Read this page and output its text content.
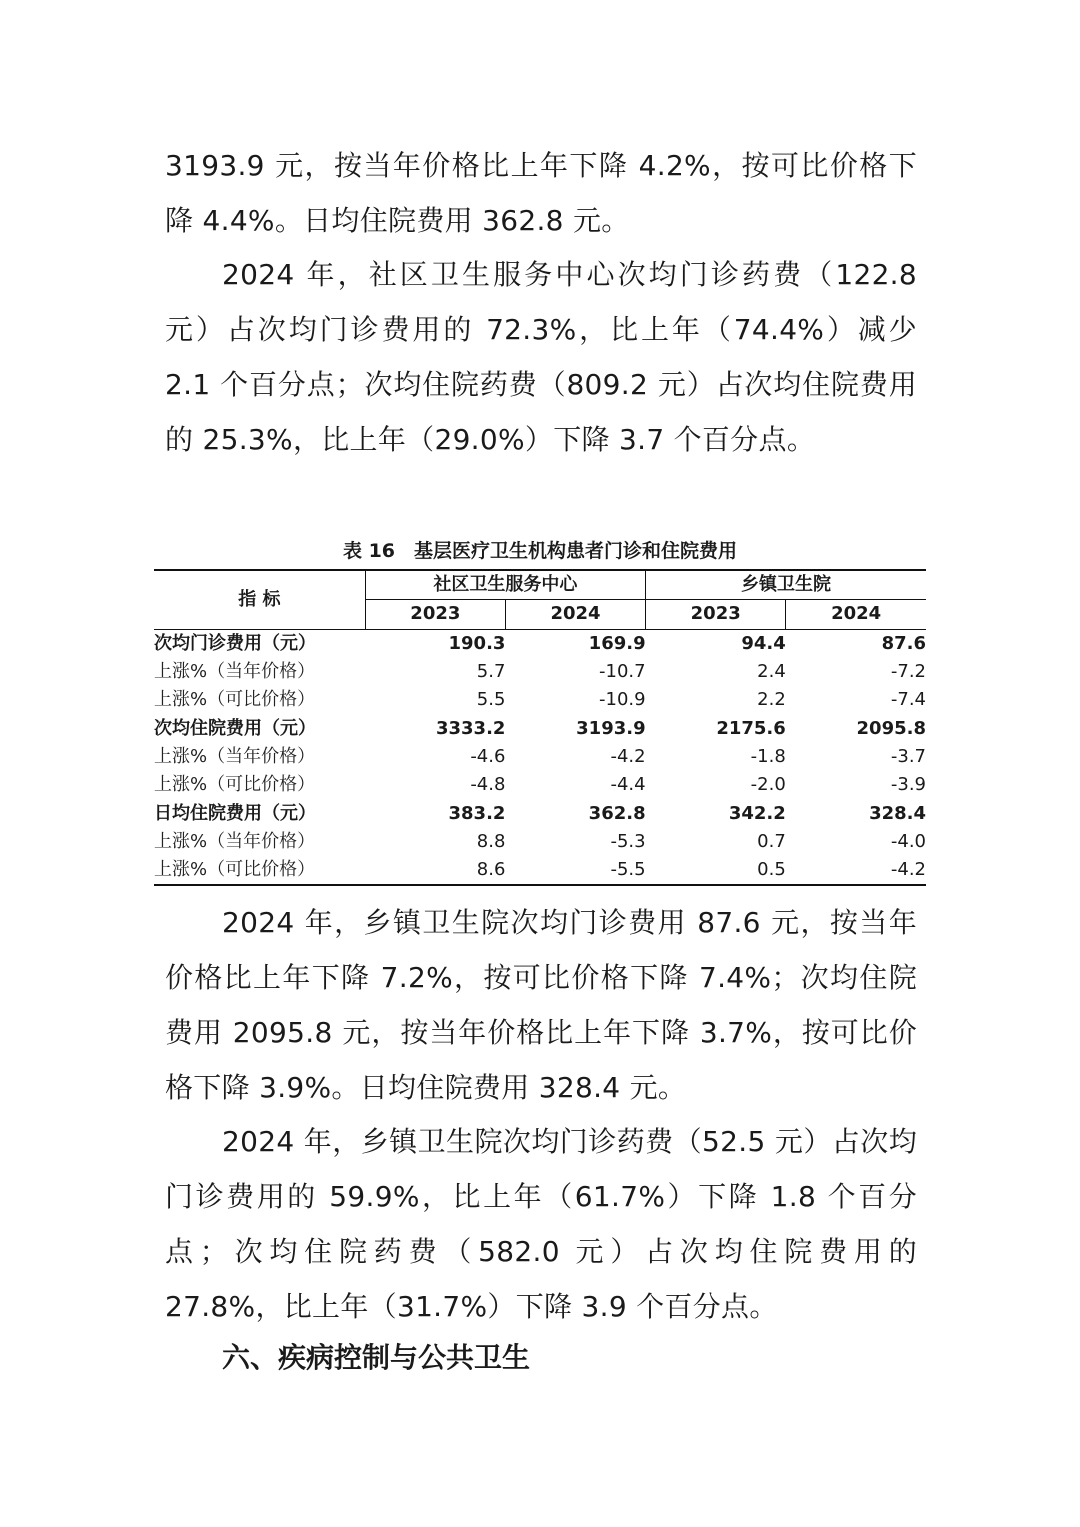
3193.9 元，按当年价格比上年下降 4.2%，按可比价格下降 4.4%。日均住院费用 362.8 元。

2024 年，社区卫生服务中心次均门诊药费（122.8 元）占次均门诊费用的 72.3%，比上年（74.4%）减少 2.1 个百分点；次均住院药费（809.2 元）占次均住院费用的 25.3%，比上年（29.0%）下降 3.7 个百分点。

表 16　基层医疗卫生机构患者门诊和住院费用

指 标	社区卫生服务中心		乡镇卫生院	
	2023	2024	2023	2024
次均门诊费用（元）	190.3	169.9	94.4	87.6
上涨%（当年价格）	5.7	-10.7	2.4	-7.2
上涨%（可比价格）	5.5	-10.9	2.2	-7.4
次均住院费用（元）	3333.2	3193.9	2175.6	2095.8
上涨%（当年价格）	-4.6	-4.2	-1.8	-3.7
上涨%（可比价格）	-4.8	-4.4	-2.0	-3.9
日均住院费用（元）	383.2	362.8	342.2	328.4
上涨%（当年价格）	8.8	-5.3	0.7	-4.0
上涨%（可比价格）	8.6	-5.5	0.5	-4.2

2024 年，乡镇卫生院次均门诊费用 87.6 元，按当年价格比上年下降 7.2%，按可比价格下降 7.4%；次均住院费用 2095.8 元，按当年价格比上年下降 3.7%，按可比价格下降 3.9%。日均住院费用 328.4 元。

2024 年，乡镇卫生院次均门诊药费（52.5 元）占次均门诊费用的 59.9%，比上年（61.7%）下降 1.8 个百分点；次均住院药费（582.0 元）占次均住院费用的 27.8%，比上年（31.7%）下降 3.9 个百分点。

六、疾病控制与公共卫生
